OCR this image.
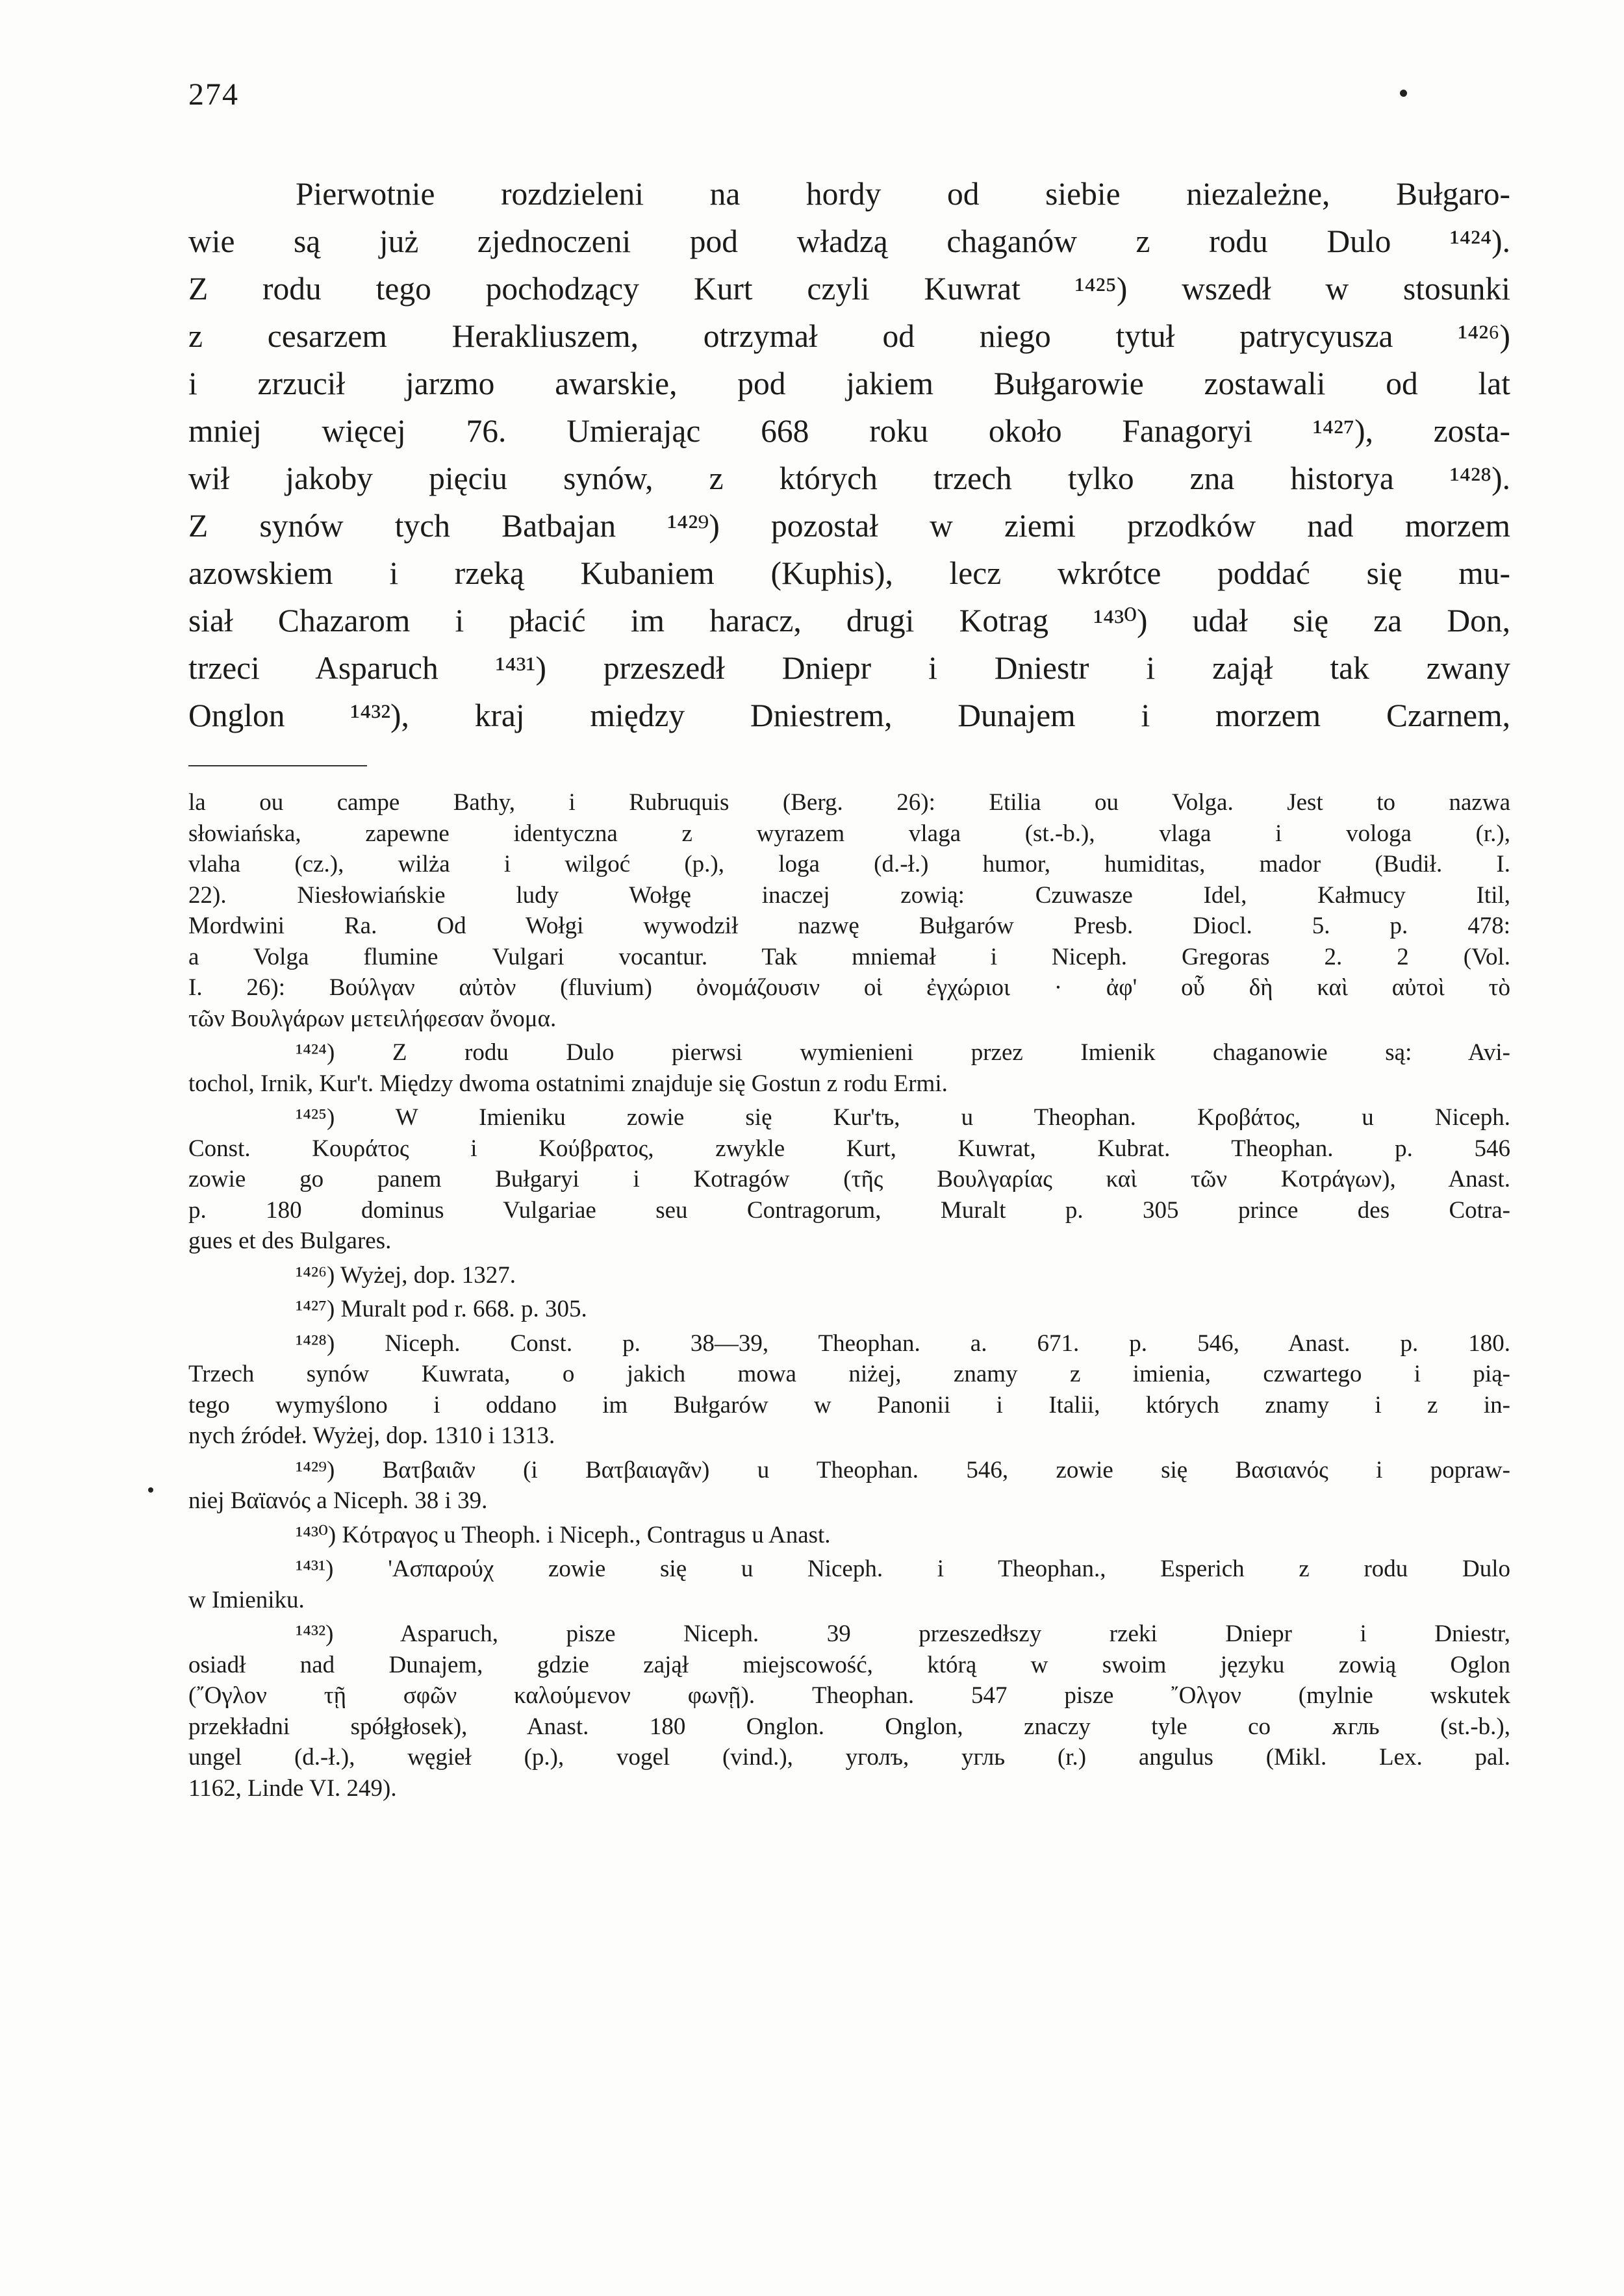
274
Pierwotnie rozdzieleni na hordy od siebie niezależne, Bułgaro-
wie są już zjednoczeni pod władzą chaganów z rodu Dulo ¹⁴²⁴).
Z rodu tego pochodzący Kurt czyli Kuwrat ¹⁴²⁵) wszedł w stosunki
z cesarzem Herakliuszem, otrzymał od niego tytuł patrycyusza ¹⁴²⁶)
i zrzucił jarzmo awarskie, pod jakiem Bułgarowie zostawali od lat
mniej więcej 76. Umierając 668 roku około Fanagoryi ¹⁴²⁷), zosta-
wił jakoby pięciu synów, z których trzech tylko zna historya ¹⁴²⁸).
Z synów tych Batbajan ¹⁴²⁹) pozostał w ziemi przodków nad morzem
azowskiem i rzeką Kubaniem (Kuphis), lecz wkrótce poddać się mu-
siał Chazarom i płacić im haracz, drugi Kotrag ¹⁴³⁰) udał się za Don,
trzeci Asparuch ¹⁴³¹) przeszedł Dniepr i Dniestr i zajął tak zwany
Onglon ¹⁴³²), kraj między Dniestrem, Dunajem i morzem Czarnem,
la ou campe Bathy, i Rubruquis (Berg. 26): Etilia ou Volga. Jest to nazwa
słowiańska, zapewne identyczna z wyrazem vlaga (st.-b.), vlaga i vologa (r.),
vlaha (cz.), wilża i wilgoć (p.), loga (d.-ł.) humor, humiditas, mador (Budił. I.
22). Niesłowiańskie ludy Wołgę inaczej zowią: Czuwasze Idel, Kałmucy Itil,
Mordwini Ra. Od Wołgi wywodził nazwę Bułgarów Presb. Diocl. 5. p. 478:
a Volga flumine Vulgari vocantur. Tak mniemał i Niceph. Gregoras 2. 2 (Vol.
I. 26): Βούλγαν αὐτὸν (fluvium) ὀνομάζουσιν οἱ ἐγχώριοι · ἀφ' οὗ δὴ καὶ αὐτοὶ τὸ
τῶν Βουλγάρων μετειλήφεσαν ὄνομα.
¹⁴²⁴) Z rodu Dulo pierwsi wymienieni przez Imienik chaganowie są: Avi-
tochol, Irnik, Kur't. Między dwoma ostatnimi znajduje się Gostun z rodu Ermi.
¹⁴²⁵) W Imieniku zowie się Kur'tъ, u Theophan. Κροβάτος, u Niceph.
Const. Κουράτος i Κούβρατος, zwykle Kurt, Kuwrat, Kubrat. Theophan. p. 546
zowie go panem Bułgaryi i Kotragów (τῆς Βουλγαρίας καὶ τῶν Κοτράγων), Anast.
p. 180 dominus Vulgariae seu Contragorum, Muralt p. 305 prince des Cotra-
gues et des Bulgares.
¹⁴²⁶) Wyżej, dop. 1327.
¹⁴²⁷) Muralt pod r. 668. p. 305.
¹⁴²⁸) Niceph. Const. p. 38—39, Theophan. a. 671. p. 546, Anast. p. 180.
Trzech synów Kuwrata, o jakich mowa niżej, znamy z imienia, czwartego i pią-
tego wymyślono i oddano im Bułgarów w Panonii i Italii, których znamy i z in-
nych źródeł. Wyżej, dop. 1310 i 1313.
¹⁴²⁹) Βατβαιᾶν (i Βατβαιαγᾶν) u Theophan. 546, zowie się Βασιανός i popraw-
niej Βαϊανός a Niceph. 38 i 39.
¹⁴³⁰) Κότραγος u Theoph. i Niceph., Contragus u Anast.
¹⁴³¹) 'Ασπαρούχ zowie się u Niceph. i Theophan., Esperich z rodu Dulo
w Imieniku.
¹⁴³²) Asparuch, pisze Niceph. 39 przeszedłszy rzeki Dniepr i Dniestr,
osiadł nad Dunajem, gdzie zajął miejscowość, którą w swoim języku zowią Oglon
(῎Ογλον τῇ σφῶν καλούμενον φωνῇ). Theophan. 547 pisze ῎Ολγον (mylnie wskutek
przekładni spółgłosek), Anast. 180 Onglon. Onglon, znaczy tyle co ѫгль (st.-b.),
ungel (d.-ł.), węgieł (p.), vogel (vind.), уголъ, угль (r.) angulus (Mikl. Lex. pal.
1162, Linde VI. 249).
